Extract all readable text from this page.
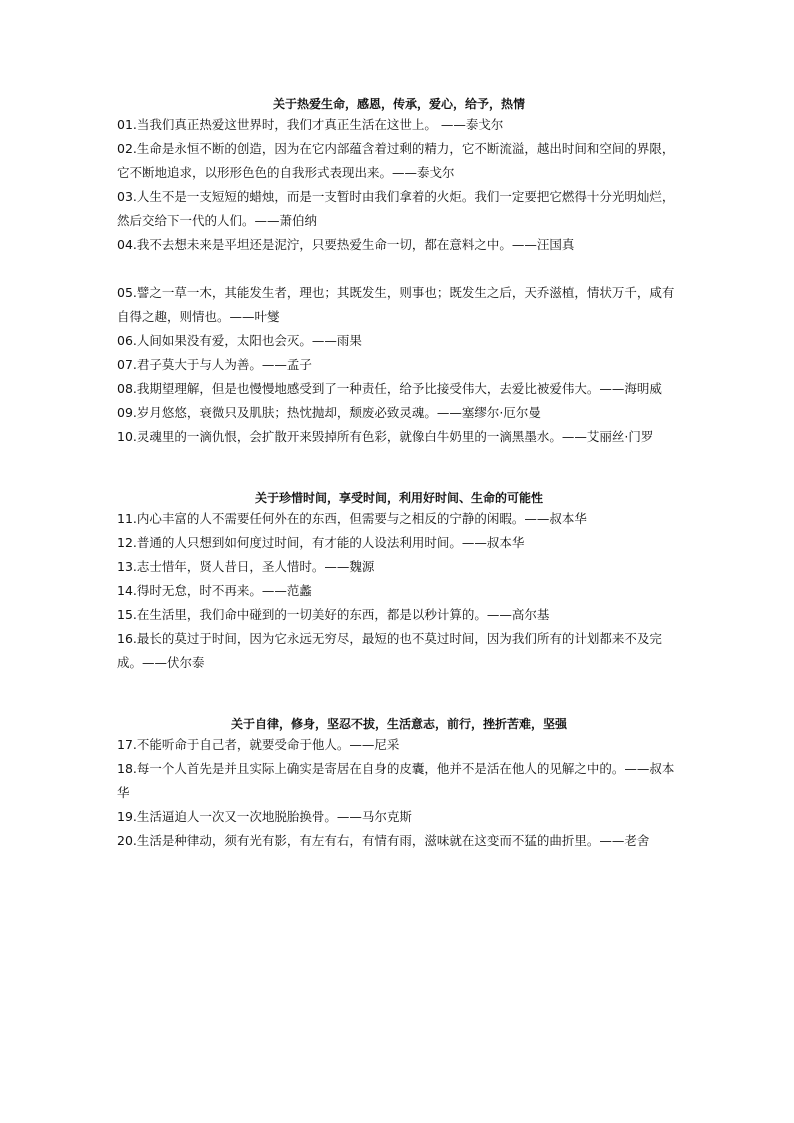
关于热爱生命，感恩，传承，爱心，给予，热情

01.当我们真正热爱这世界时，我们才真正生活在这世上。 ——泰戈尔

02.生命是永恒不断的创造，因为在它内部蕴含着过剩的精力，它不断流溢，越出时间和空间的界限，它不断地追求，以形形色色的自我形式表现出来。——泰戈尔

03.人生不是一支短短的蜡烛，而是一支暂时由我们拿着的火炬。我们一定要把它燃得十分光明灿烂，然后交给下一代的人们。——萧伯纳

04.我不去想未来是平坦还是泥泞，只要热爱生命一切，都在意料之中。——汪国真

05.譬之一草一木，其能发生者，理也；其既发生，则事也；既发生之后，天乔滋植，情状万千，咸有自得之趣，则情也。——叶燮

06.人间如果没有爱，太阳也会灭。——雨果

07.君子莫大于与人为善。——孟子

08.我期望理解，但是也慢慢地感受到了一种责任，给予比接受伟大，去爱比被爱伟大。——海明威

09.岁月悠悠，衰微只及肌肤；热忱抛却，颓废必致灵魂。——塞缪尔·厄尔曼

10.灵魂里的一滴仇恨，会扩散开来毁掉所有色彩，就像白牛奶里的一滴黑墨水。——艾丽丝·门罗

关于珍惜时间，享受时间，利用好时间、生命的可能性

11.内心丰富的人不需要任何外在的东西，但需要与之相反的宁静的闲暇。——叔本华

12.普通的人只想到如何度过时间，有才能的人设法利用时间。——叔本华

13.志士惜年，贤人昔日，圣人惜时。——魏源

14.得时无怠，时不再来。——范蠡

15.在生活里，我们命中碰到的一切美好的东西，都是以秒计算的。——高尔基

16.最长的莫过于时间，因为它永远无穷尽，最短的也不莫过时间，因为我们所有的计划都来不及完成。——伏尔泰

关于自律，修身，坚忍不拔，生活意志，前行，挫折苦难，坚强

17.不能听命于自己者，就要受命于他人。——尼采

18.每一个人首先是并且实际上确实是寄居在自身的皮囊，他并不是活在他人的见解之中的。——叔本华

19.生活逼迫人一次又一次地脱胎换骨。——马尔克斯

20.生活是种律动，须有光有影，有左有右，有情有雨，滋味就在这变而不猛的曲折里。——老舍
